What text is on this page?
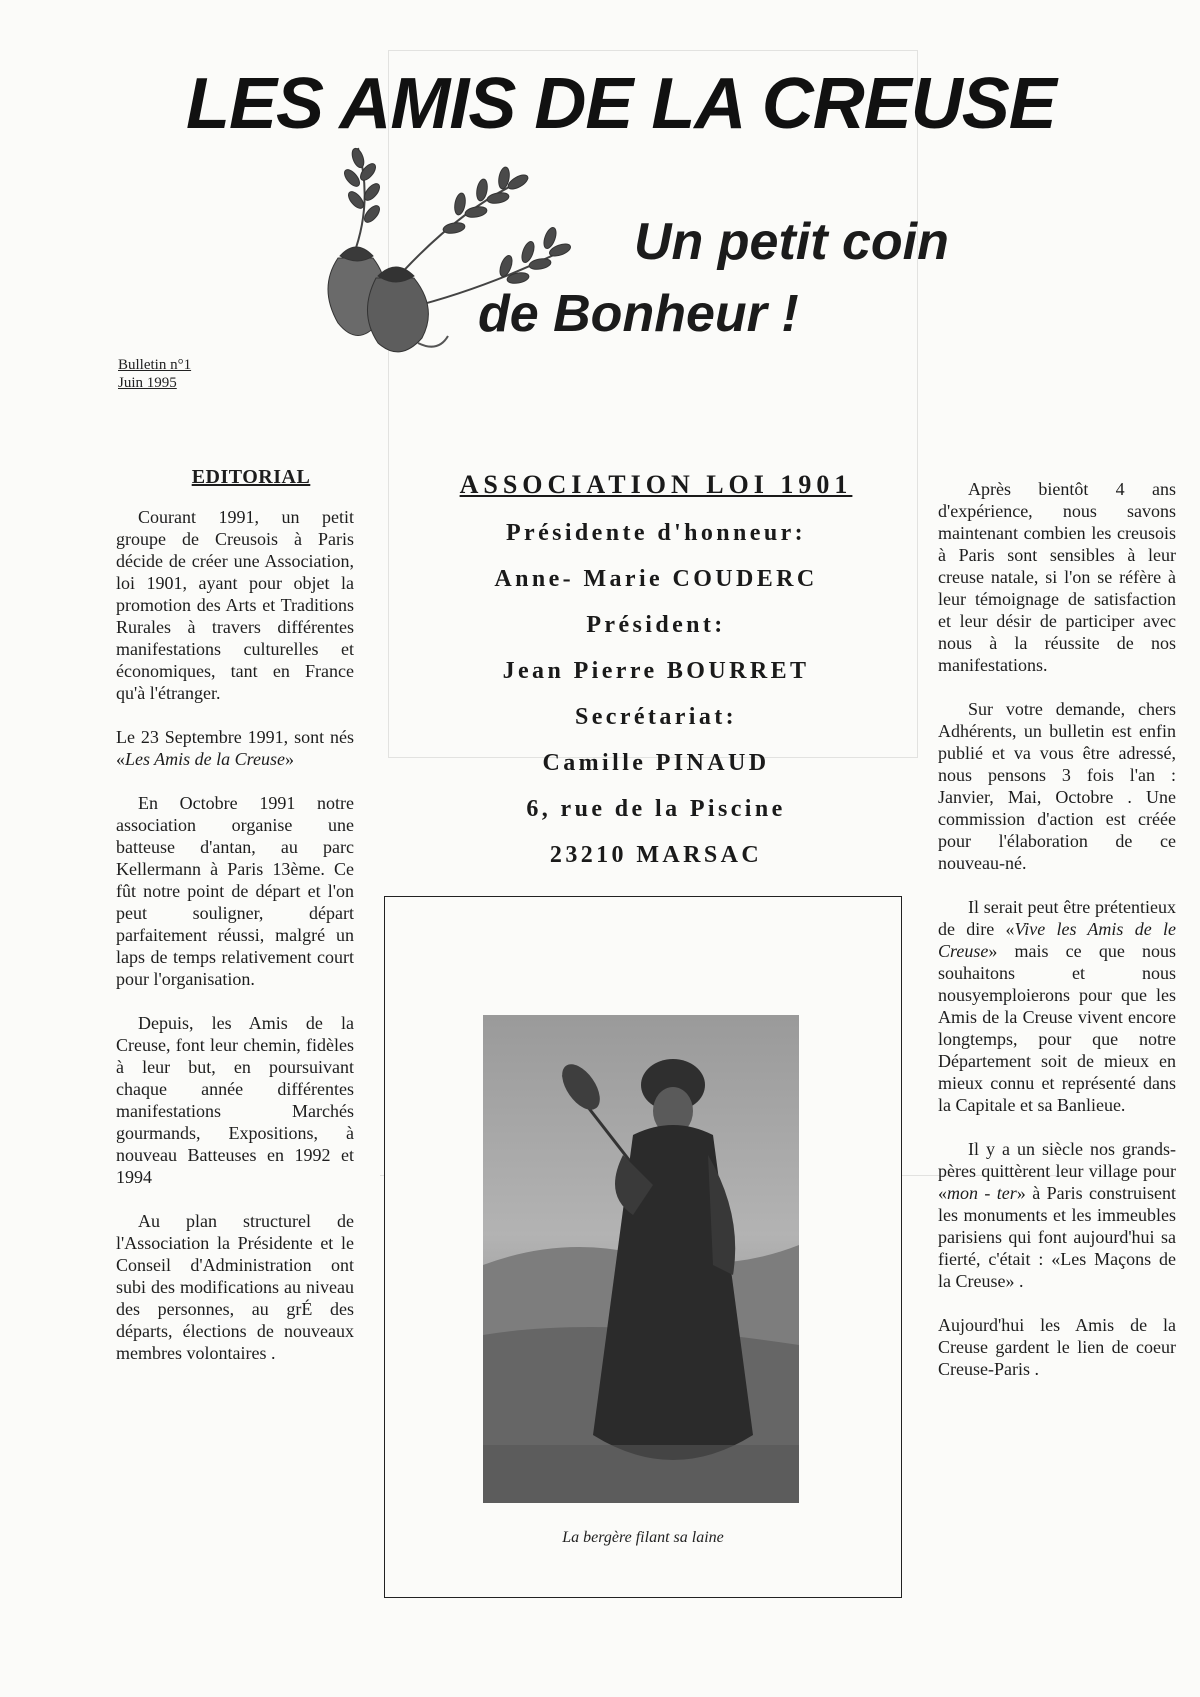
LES AMIS DE LA CREUSE
Un petit coin
de Bonheur !
Bulletin n°1
Juin 1995
EDITORIAL

Courant 1991, un petit groupe de Creusois à Paris décide de créer une Association, loi 1901, ayant pour objet la promotion des Arts et Traditions Rurales à travers différentes manifestations culturelles et économiques, tant en France qu'à l'étranger.

Le 23 Septembre 1991, sont nés «Les Amis de la Creuse»

En Octobre 1991 notre association organise une batteuse d'antan, au parc Kellermann à Paris 13ème. Ce fût notre point de départ et l'on peut souligner, départ parfaitement réussi, malgré un laps de temps relativement court pour l'organisation.

Depuis, les Amis de la Creuse, font leur chemin, fidèles à leur but, en poursuivant chaque année différentes manifestations Marchés gourmands, Expositions, à nouveau Batteuses en 1992 et 1994

Au plan structurel de l'Association la Présidente et le Conseil d'Administration ont subi des modifications au niveau des personnes, au grÉ des départs, élections de nouveaux membres volontaires .

ASSOCIATION LOI 1901
Présidente d'honneur:
Anne- Marie COUDERC
Président:
Jean Pierre BOURRET
Secrétariat:
Camille PINAUD
6, rue de la Piscine
23210 MARSAC
La bergère filant sa laine

Après bientôt 4 ans d'expérience, nous savons maintenant combien les creusois à Paris sont sensibles à leur creuse natale, si l'on se réfère à leur témoignage de satisfaction et leur désir de participer avec nous à la réussite de nos manifestations.

Sur votre demande, chers Adhérents, un bulletin est enfin publié et va vous être adressé, nous pensons 3 fois l'an : Janvier, Mai, Octobre . Une commission d'action est créée pour l'élaboration de ce nouveau-né.

Il serait peut être prétentieux de dire «Vive les Amis de le Creuse» mais ce que nous souhaitons et nous nousyemploierons pour que les Amis de la Creuse vivent encore longtemps, pour que notre Département soit de mieux en mieux connu et représenté dans la Capitale et sa Banlieue.

Il y a un siècle nos grands-pères quittèrent leur village pour «mon - ter» à Paris construisent les monuments et les immeubles parisiens qui font aujourd'hui sa fierté, c'était : «Les Maçons de la Creuse» .

Aujourd'hui les Amis de la Creuse gardent le lien de coeur Creuse-Paris .
